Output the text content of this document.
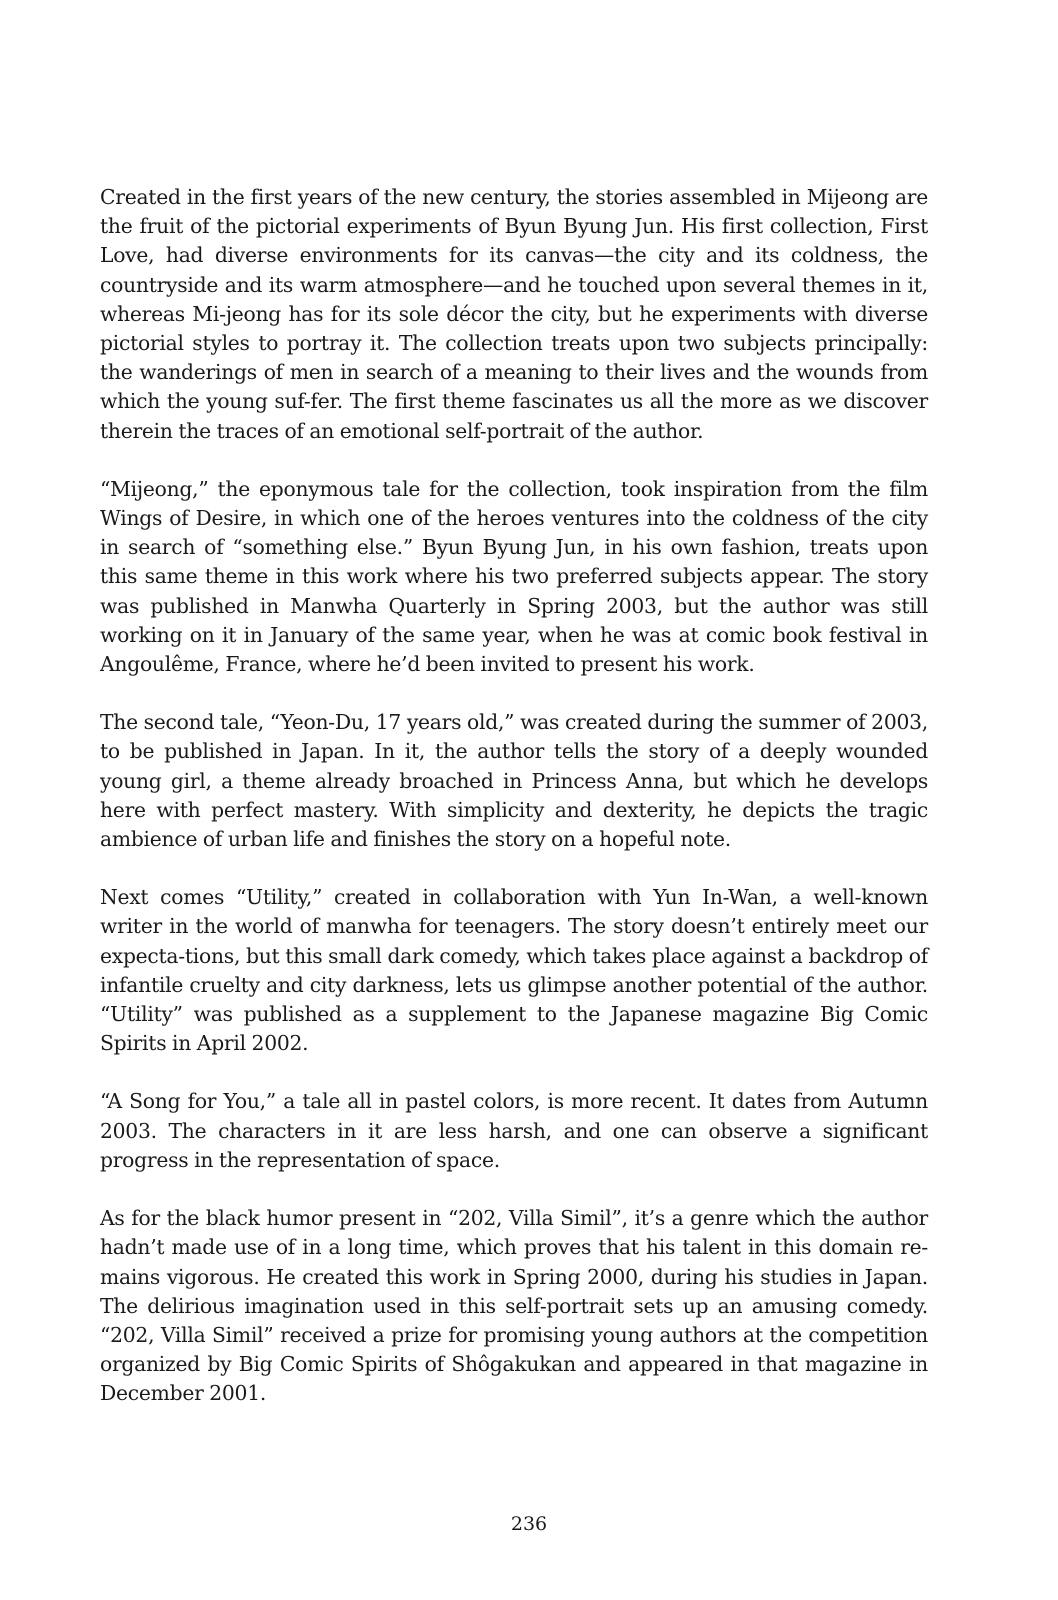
Created in the first years of the new century, the stories assembled in Mijeong are the fruit of the pictorial experiments of Byun Byung Jun. His first collection, First Love, had diverse environments for its canvas—the city and its coldness, the countryside and its warm atmosphere—and he touched upon several themes in it, whereas Mi-jeong has for its sole décor the city, but he experiments with diverse pictorial styles to portray it. The collection treats upon two subjects principally: the wanderings of men in search of a meaning to their lives and the wounds from which the young suf-fer. The first theme fascinates us all the more as we discover therein the traces of an emotional self-portrait of the author.

“Mijeong,” the eponymous tale for the collection, took inspiration from the film Wings of Desire, in which one of the heroes ventures into the coldness of the city in search of “something else.” Byun Byung Jun, in his own fashion, treats upon this same theme in this work where his two preferred subjects appear. The story was published in Manwha Quarterly in Spring 2003, but the author was still working on it in January of the same year, when he was at comic book festival in Angoulême, France, where he’d been invited to present his work.

The second tale, “Yeon-Du, 17 years old,” was created during the summer of 2003, to be published in Japan. In it, the author tells the story of a deeply wounded young girl, a theme already broached in Princess Anna, but which he develops here with perfect mastery. With simplicity and dexterity, he depicts the tragic ambience of urban life and finishes the story on a hopeful note.

Next comes “Utility,” created in collaboration with Yun In-Wan, a well-known writer in the world of manwha for teenagers. The story doesn’t entirely meet our expecta-tions, but this small dark comedy, which takes place against a backdrop of infantile cruelty and city darkness, lets us glimpse another potential of the author. “Utility” was published as a supplement to the Japanese magazine Big Comic Spirits in April 2002.

“A Song for You,” a tale all in pastel colors, is more recent. It dates from Autumn 2003. The characters in it are less harsh, and one can observe a significant progress in the representation of space.

As for the black humor present in “202, Villa Simil”, it’s a genre which the author hadn’t made use of in a long time, which proves that his talent in this domain re-mains vigorous. He created this work in Spring 2000, during his studies in Japan. The delirious imagination used in this self-portrait sets up an amusing comedy. “202, Villa Simil” received a prize for promising young authors at the competition organized by Big Comic Spirits of Shôgakukan and appeared in that magazine in December 2001.

236
